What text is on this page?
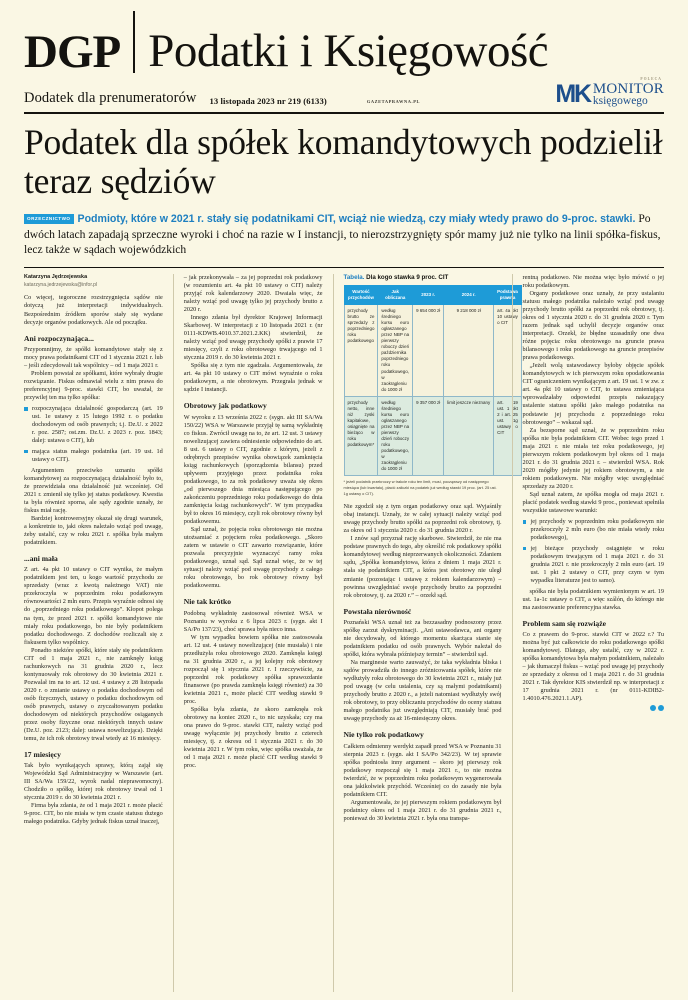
DGP Podatki i Księgowość
Dodatek dla prenumeratorów 13 listopada 2023 nr 219 (6133)	GAZETAPRAWNA.PL
POLECA
MK MONITOR
księgowego
Podatek dla spółek komandytowych podzielił teraz sędziów
ORZECZNICTWO Podmioty, które w 2021 r. stały się podatnikami CIT, wciąż nie wiedzą, czy miały wtedy prawo do 9-proc. stawki. Po dwóch latach zapadają sprzeczne wyroki i choć na razie w I instancji, to nierozstrzygnięty spór mamy już nie tylko na linii spółka-fiskus, lecz także w sądach wojewódzkich
Katarzyna Jędrzejewska
katarzyna.jedrzejewska@infor.pl

Co więcej, tegoroczne rozstrzygnięcia sądów nie dotyczą już interpretacji indywidualnych. Bezpośrednim źródłem sporów stały się wydane decyzje organów podatkowych. Ale od początku.

Ani rozpoczynająca...

Przypomnijmy, że spółki komandytowe stały się z mocy prawa podatnikami CIT od 1 stycznia 2021 r. lub – jeśli zdecydowali tak wspólnicy – od 1 maja 2021 r.

Problem powstał ze spółkami, które wybrały drugie rozwiązanie. Fiskus odmawiał wielu z nim prawa do preferencyjnej 9-proc. stawki CIT, bo uważał, że przywilej ten ma tylko spółka:

rozpoczynająca działalność gospodarczą (art. 19 ust. 1e ustawy z 15 lutego 1992 r. o podatku dochodowym od osób prawnych; t.j. Dz.U. z 2022 r. poz. 2587; ost.zm. Dz.U. z 2023 r. poz. 1843; dalej: ustawa o CIT), lub
mająca status małego podatnika (art. 19 ust. 1d ustawy o CIT).

Argumentem przeciwko uznaniu spółki komandytowej za rozpoczynającą działalność było to, że przewidziała ona działalność już wcześniej. Od 2021 r. zmienił się tylko jej status podatkowy. Kwestia ta była również sporna, ale sądy zgodnie uznały, że fiskus miał rację.

Bardziej kontrowersyjny okazał się drugi warunek, a konkretnie to, jaki okres należało wziąć pod uwagę, żeby ustalić, czy w roku 2021 r. spółka była małym podatnikiem.

...ani mała

Z art. 4a pkt 10 ustawy o CIT wynika, że małym podatnikiem jest ten, u kogo wartość przychodu ze sprzedaży (wraz z kwotą należnego VAT) nie przekroczyła w poprzednim roku podatkowym równowartości 2 mln euro. Przepis wyraźnie odnosi się do „poprzedniego roku podatkowego”. Kłopot polega na tym, że przed 2021 r. spółki komandytowe nie miały roku podatkowego, bo nie były podatnikiem podatku dochodowego. Z dochodów rozliczali się z fiskusem tylko wspólnicy.

Ponadto niektóre spółki, które stały się podatnikiem CIT od 1 maja 2021 r., nie zamknęły ksiąg rachunkowych na 31 grudnia 2020 r., lecz kontynuowały rok obrotowy do 30 kwietnia 2021 r. Pozwalał im na to art. 12 ust. 4 ustawy z 28 listopada 2020 r. o zmianie ustawy o podatku dochodowym od osób fizycznych, ustawy o podatku dochodowym od osób prawnych, ustawy o zryczałtowanym podatku dochodowym od niektórych przychodów osiąganych przez osoby fizyczne oraz niektórych innych ustaw (Dz.U. poz. 2123; dalej: ustawa nowelizująca). Dzięki temu, że ich rok obrotowy trwał wtedy aż 16 miesięcy.

17 miesięcy

Tak było wynikających sprawy, którą zajął się Wojewódzki Sąd Administracyjny w Warszawie (art. III SA/Wa 159/22, wyrok nadal nieprawomocny). Chodziło o spółkę, której rok obrotowy trwał od 1 stycznia 2019 r. do 30 kwietnia 2021 r.

Firma była zdania, że od 1 maja 2021 r. może płacić 9-proc. CIT, bo nie miała w tym czasie statusu dużego małego podatnika. Gdyby jednak fiskus uznał inaczej,

– jak przekonywała – za jej poprzedni rok podatkowy (w rozumieniu art. 4a pkt 10 ustawy o CIT) należy przyjąć rok kalendarzowy 2020. Dwaiała więc, że należy wziąć pod uwagę tylko jej przychody brutto z 2020 r.

Innego zdania był dyrektor Krajowej Informacji Skarbowej. W interpretacji z 10 listopada 2021 r. (nr 0111-KDWB.4010.37.2021.2.KK) stwierdził, że należy wziąć pod uwagę przychody spółki z prawie 17 miesięcy, czyli z roku obrotowego trwającego od 1 stycznia 2019 r. do 30 kwietnia 2021 r.

Spółka się z tym nie zgadzała. Argumentowała, że art. 4a pkt 10 ustawy o CIT mówi wyraźnie o roku podatkowym, a nie obrotowym. Przegrała jednak w sądzie I instancji.

Obrotowy jak podatkowy

W wyroku z 13 września 2022 r. (sygn. akt III SA/Wa 150/22) WSA w Warszawie przyjął tę samą wykładnię co fiskus. Zwrócił uwagę na to, że art. 12 ust. 3 ustawy nowelizującej zawiera odniesienie odpowiednio do art. 8 ust. 6 ustawy o CIT, zgodnie z którym, jeżeli z odrębnych przepisów wynika obowiązek zamknięcia ksiąg rachunkowych (sporządzenia bilansu) przed upływem przyjętego przez podatnika roku podatkowego, to za rok podatkowy uważa się okres „od pierwszego dnia miesiąca następującego po zakończeniu poprzedniego roku podatkowego do dnia zamknięcia ksiąg rachunkowych”. W tym przypadku był to okres 16 miesięcy, czyli rok obrotowy równy był podatkowemu.

Sąd uznał, że pojęcia roku obrotowego nie można utożsamiać z pojęciem roku podatkowego. „Skoro zatem w ustawie o CIT zawarto rozwiązanie, które pozwala precyzyjnie wyznaczyć ramy roku podatkowego, uznał sąd. Sąd uznał więc, że w tej sytuacji należy wziąć pod uwagę przychody z całego roku obrotowego, bo rok obrotowy równy był podatkowemu.

Nie tak krótko

Podobną wykładnię zastosował również WSA w Poznaniu w wyroku z 6 lipca 2023 r. (sygn. akt I SA/Po 137/23), choć sprawa była nieco inna.

W tym wypadku bowiem spółka nie zastosowała art. 12 ust. 4 ustawy nowelizującej (nie musiała) i nie przedłużyła roku obrotowego 2020. Zamknęła księgi na 31 grudnia 2020 r., a jej kolejny rok obrotowy rozpoczął się 1 stycznia 2021 r. I rzeczywiście, za poprzedni rok podatkowy spółka sprawozdanie finansowe (po prawda zamknęła księgi również) za 30 kwietnia 2021 r., może płacić CIT według stawki 9 proc.

Spółka była zdania, że skoro zamknęła rok obrotowy na koniec 2020 r., to nic uzyskała; czy ma ona prawo do 9-proc. stawki CIT, należy wziąć pod uwagę wyłącznie jej przychody brutto z czterech miesięcy, tj. z okresu od 1 stycznia 2021 r. do 30 kwietnia 2021 r. W tym roku, więc spółka uważała, że od 1 maja 2021 r. może płacić CIT według stawki 9 proc.

Tabela. Dla kogo stawka 9 proc. CIT
Wartość przychodów	Jak obliczana	2023 r.	2024 r.	Podstawa prawna
przychody brutto ze sprzedaży z poprzedniego roku podatkowego	według średniego kursu euro ogłaszanego przez NBP na pierwszy roboczy dzień października poprzedniego roku podatkowego, w zaokrągleniu do 1000 zł	9 654 000 zł	9 218 000 zł	art. 4a pkt 10 ustawy o CIT
przychody netto, inne niż zyski kapitałowe, osiągnięte na bieżąco w roku podatkowym*	według średniego kursu euro ogłaszanego przez NBP na pierwszy dzień roboczy roku podatkowego, w zaokrągleniu do 1000 zł	9 357 000 zł	limit jeszcze nieznany	art. 19 ust. 1 pkt 2 i art. 25 ust. 1g ustawy o CIT
* jeżeli podatnik przekroczy w trakcie roku ten limit, musi, począwszy od następnego miesiąca (lub kwartału), płacić zaliczki na podatek już według stawki 19 proc. (art. 25 ust. 1g ustawy o CIT).

Nie zgodził się z tym organ podatkowy oraz sąd. Wyjaśniły obaj instancji. Uznały, że w całej sytuacji należy wziąć pod uwagę przychody brutto spółki za poprzedni rok obrotowy, tj. za okres od 1 stycznia 2020 r. do 31 grudnia 2020 r.

I znów sąd przyznał rację skarbowe. Stwierdził, że nie ma podstaw prawnych do tego, aby określić rok podatkowy spółki komandytowej według nieprzerwanych okoliczności. Zdaniem sądu, „Spółka komandytowa, która z dniem 1 maja 2021 r. stała się podatnikiem CIT, a która jest obrotowy nie uległ zmianie (pozostając i ustawę z rokiem kalendarzowym) – powinna uwzględniać swoje przychody brutto za poprzedni rok obrotowy, tj. za 2020 r.” – orzekł sąd.

Powstała nierówność

Poznański WSA uznał też za bezzasadny podnoszony przez spółkę zarzut dyskryminacji. „Ani ustawodawca, ani organy nie decydowały, od którego momentu skarżąca stanie się podatnikiem podatku od osób prawnych. Wybór należał do spółki, która wybrała późniejszy termin” – stwierdził sąd.

Na marginesie warto zauważyć, że taka wykładnia bliska i sądów prowadziła do innego zróżnicowania spółek, które nie wydłużyły roku obrotowego do 30 kwietnia 2021 r., miały już pod uwagę (w celu ustalenia, czy są małymi podatnikami) przychody brutto z 2020 r., a jeżeli natomiast wydłużyły swój rok obrotowy, to przy obliczaniu przychodów do oceny statusu małego podatnika już uwzględniają CIT, musiały brać pod uwagę przychody za aż 16-miesięczny okres.

Nie tylko rok podatkowy

Całkiem odmienny werdykt zapadł przed WSA w Poznaniu 31 sierpnia 2023 r. (sygn. akt I SA/Po 342/23). W tej sprawie spółka podniosła inny argument – skoro jej pierwszy rok podatkowy rozpoczął się 1 maja 2021 r., to nie można twierdzić, że w poprzednim roku podatkowym wygenerowała ona jakikolwiek przychód. Wcześniej co do zasady nie była podatnikiem CIT.

Argumentowała, że jej pierwszym rokiem podatkowym był podatnicy okres od 1 maja 2021 r. do 31 grudnia 2021 r., ponieważ do 30 kwietnia 2021 r. była ona transpa-

rentną podatkowo. Nie można więc było mówić o jej roku podatkowym.

Organy podatkowe oraz uznały, że przy ustalaniu statusu małego podatnika należało wziąć pod uwagę przychody brutto spółki za poprzedni rok obrotowy, tj. okres od 1 stycznia 2020 r. do 31 grudnia 2020 r. Tym razem jednak sąd uchylił decyzje organów oraz interpretacji. Orzekł, że błędne uzasadniły one dwa różne pojęcia: roku obrotowego na gruncie prawa bilansowego i roku podatkowego na gruncie przepisów prawa podatkowego.

„Jeżeli wolą ustawodawcy byłoby objęcie spółek komandytowych w ich pierwszym roku opodatkowania CIT ograniczeniem wynikającym z art. 19 ust. 1 w zw. z art. 4a pkt 10 ustawy o CIT, to ustawa zmieniająca wprowadzałaby odpowiedni przepis nakazujący ustalenie statusu spółki jako małego podatnika na podstawie jej przychodu z poprzedniego roku obrotowego” – wskazał sąd.

Za bezsporne sąd uznał, że w poprzednim roku spółka nie była podatnikiem CIT. Wobec tego przed 1 maja 2021 r. nie miała też roku podatkowego, jej pierwszym rokiem podatkowym był okres od 1 maja 2021 r. do 31 grudnia 2021 r. – stwierdził WSA. Rok 2020 mógłby jedynie jej rokiem obrotowym, a nie rokiem podatkowym. Nie mógłby więc uwzględniać sprzedaży za 2020 r.

Sąd uznał zatem, że spółka mogła od maja 2021 r. płacić podatek według stawki 9 proc., ponieważ spełniła wszystkie ustawowe warunki:

jej przychody w poprzednim roku podatkowym nie przekroczyły 2 mln euro (bo nie miała wtedy roku podatkowego),
jej bieżące przychody osiągnięte w roku podatkowym trwającym od 1 maja 2021 r. do 31 grudnia 2021 r. nie przekroczyły 2 mln euro (art. 19 ust. 1 pkt 2 ustawy o CIT, przy czym w tym wypadku literaturze jest to samo).

spółka nie była podatnikiem wymienionym w art. 19 ust. 1a-1c ustawy o CIT, a więc szálón, do którego nie ma zastosowanie preferencyjna stawka.

Problem sam się rozwiąże

Co z prawem do 9-proc. stawki CIT w 2022 r.? Tu można być już całkowicie do roku podatkowego spółki komandytowej. Dlatego, aby ustalić, czy w 2022 r. spółka komandytowa była małym podatnikiem, należało – jak tłumaczył fiskus – wziąć pod uwagę jej przychody ze sprzedaży z okresu od 1 maja 2021 r. do 31 grudnia 2021 r. Tak dyrektor KIS stwierdził np. w interpretacji z 17 grudnia 2021 r. (nr 0111-KDIB2-1.4010.476.2021.1.AP).
